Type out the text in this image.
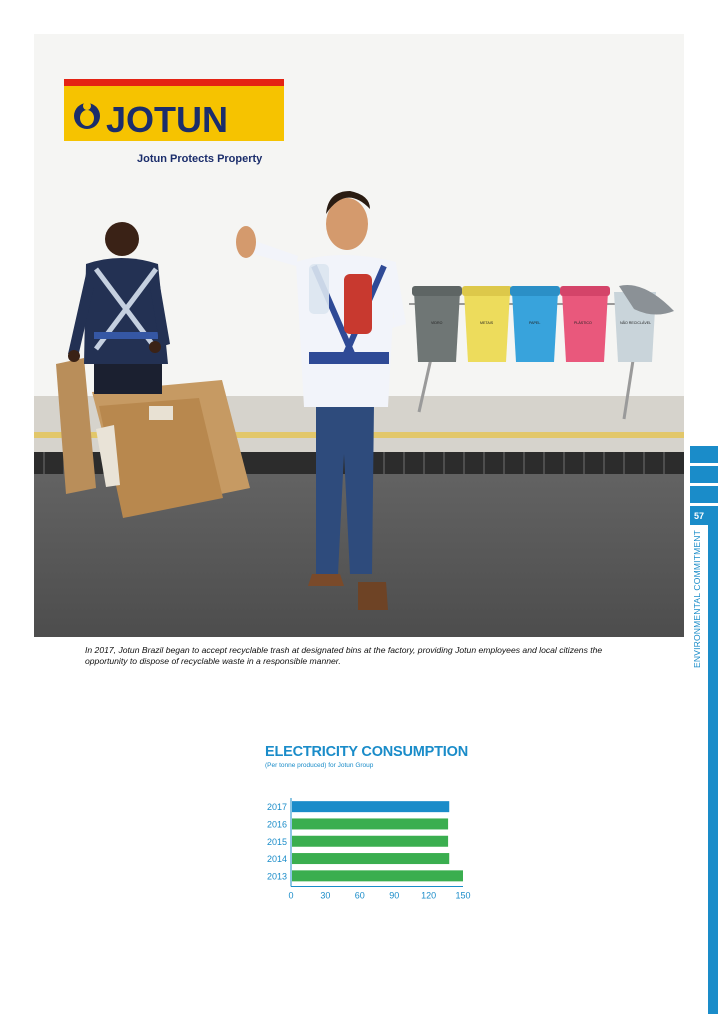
JOTUN
Jotun Protects Property
VIDRO	METAIS	PAPEL	PLÁSTICO	NÃO RECICLÁVEL
In 2017, Jotun Brazil began to accept recyclable trash at designated bins at the factory, providing Jotun employees and local citizens the opportunity to dispose of recyclable waste in a responsible manner.
57
ENVIRONMENTAL COMMITMENT
ELECTRICITY CONSUMPTION
(Per tonne produced) for Jotun Group
2017
2016
2015
2014
2013
0	30	60	90 120 150
